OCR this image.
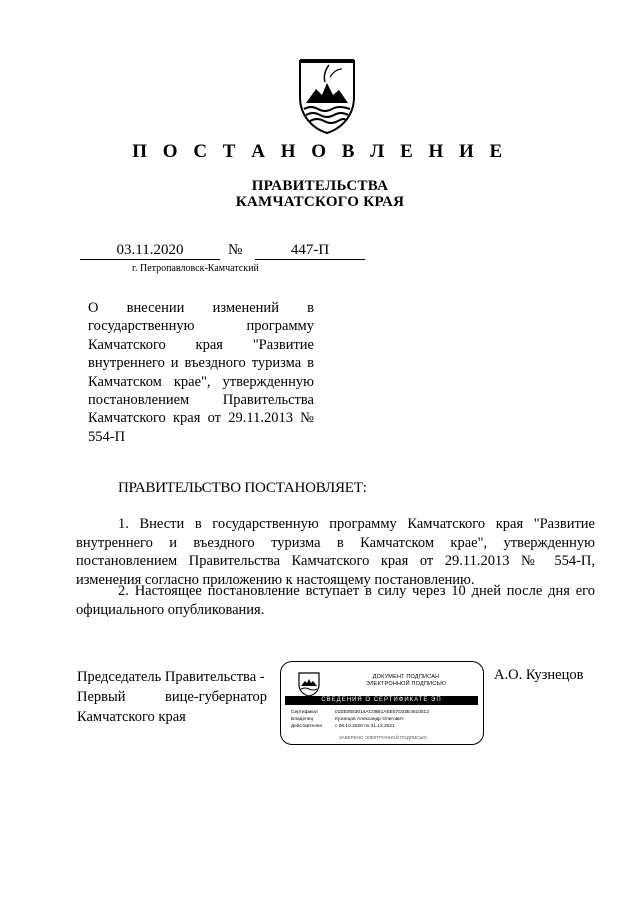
П О С Т А Н О В Л Е Н И Е
ПРАВИТЕЛЬСТВА
КАМЧАТСКОГО КРАЯ
03.11.2020	№	447-П
г. Петропавловск-Камчатский
О внесении изменений в государственную программу Камчатского края "Развитие внутреннего и въездного туризма в Камчатском крае", утвержденную постановлением Правительства Камчатского края от 29.11.2013 № 554-П
ПРАВИТЕЛЬСТВО ПОСТАНОВЛЯЕТ:
1. Внести в государственную программу Камчатского края "Развитие внутреннего и въездного туризма в Камчатском крае", утвержденную постановлением Правительства Камчатского края от 29.11.2013 № 554-П, изменения согласно приложению к настоящему постановлению.
2. Настоящее постановление вступает в силу через 10 дней после дня его официального опубликования.
Председатель Правительства -
Первый	вице-губернатор
Камчатского края
ДОКУМЕНТ ПОДПИСАН
ЭЛЕКТРОННОЙ ПОДПИСЬЮ
СВЕДЕНИЯ О СЕРТИФИКАТЕ ЭП
Сертификат	01EE0553014AC09B1AEE57D33E4510513
Владелец	Кузнецов Александр Олегович
Действителен	с 06.10.2020 по 31.12.2021
ЗАВЕРЕНО ЭЛЕКТРОННОЙ ПОДПИСЬЮ
А.О. Кузнецов
